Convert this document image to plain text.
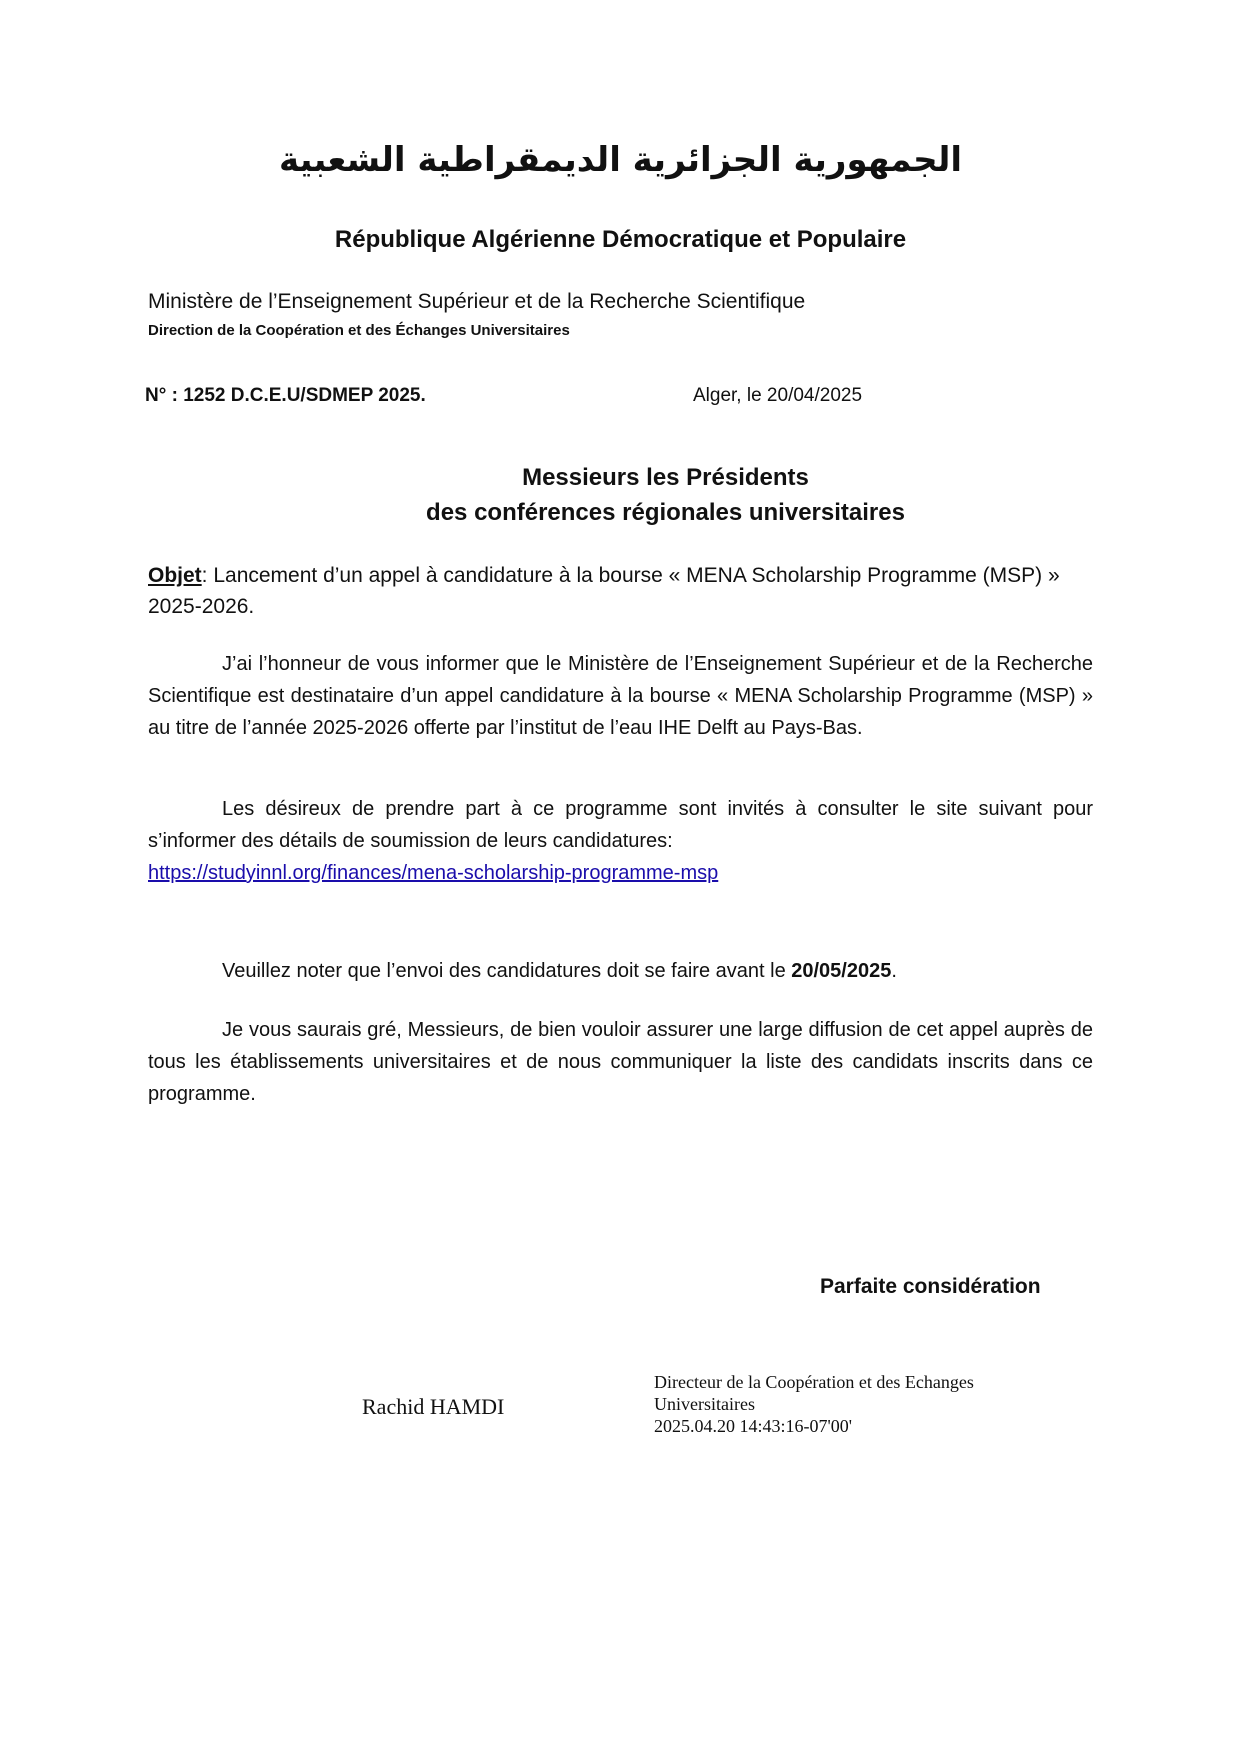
الجمهورية الجزائرية الديمقراطية الشعبية
République Algérienne Démocratique et Populaire
Ministère de l’Enseignement Supérieur et de la Recherche Scientifique
Direction de la Coopération et des Échanges Universitaires
N° : 1252 D.C.E.U/SDMEP 2025.	Alger, le 20/04/2025
Messieurs les Présidents
des conférences régionales universitaires
Objet: Lancement d’un appel à candidature à la bourse « MENA Scholarship Programme (MSP) » 2025-2026.
J’ai l’honneur de vous informer que le Ministère de l’Enseignement Supérieur et de la Recherche Scientifique est destinataire d’un appel candidature à la bourse « MENA Scholarship Programme (MSP) » au titre de l’année 2025-2026 offerte par l’institut de l’eau IHE Delft au Pays-Bas.
Les désireux de prendre part à ce programme sont invités à consulter le site suivant pour s’informer des détails de soumission de leurs candidatures:
https://studyinnl.org/finances/mena-scholarship-programme-msp
Veuillez noter que l’envoi des candidatures doit se faire avant le 20/05/2025.
Je vous saurais gré, Messieurs, de bien vouloir assurer une large diffusion de cet appel auprès de tous les établissements universitaires et de nous communiquer la liste des candidats inscrits dans ce programme.
Parfaite considération
Rachid HAMDI
Directeur de la Coopération et des Echanges
Universitaires
2025.04.20 14:43:16-07'00'
